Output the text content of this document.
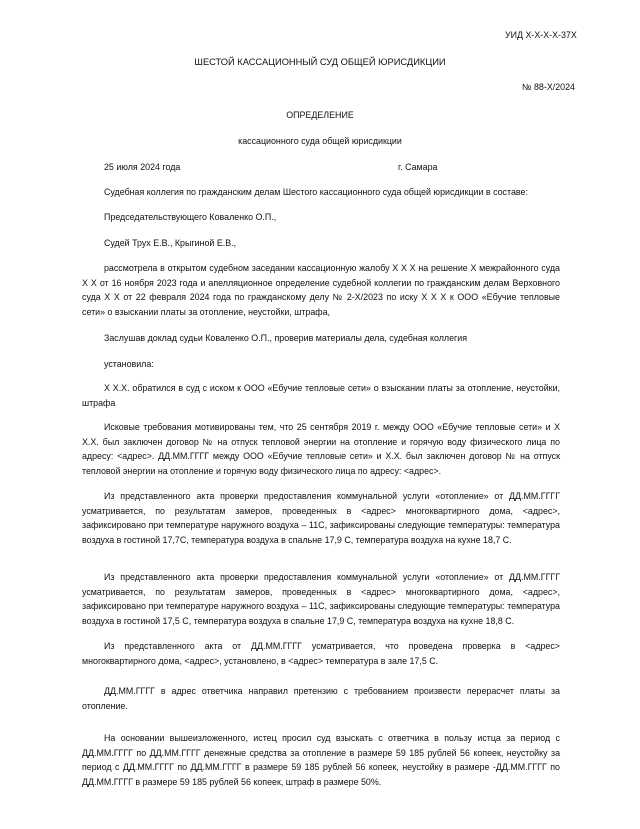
УИД Х-Х-Х-Х-37Х
ШЕСТОЙ КАССАЦИОННЫЙ СУД ОБЩЕЙ ЮРИСДИКЦИИ
№ 88-Х/2024
ОПРЕДЕЛЕНИЕ
кассационного суда общей юрисдикции
25 июля 2024 года	г. Самара
Судебная коллегия по гражданским делам Шестого кассационного суда общей юрисдикции в составе:
Председательствующего Коваленко О.П.,
Судей Трух Е.В., Крыгиной Е.В.,
рассмотрела в открытом судебном заседании кассационную жалобу Х Х Х на решение Х межрайонного суда Х Х от 16 ноября 2023 года и апелляционное определение судебной коллегии по гражданским делам Верховного суда Х Х от 22 февраля 2024 года по гражданскому делу № 2-Х/2023 по иску Х Х Х к ООО «Ебучие тепловые сети» о взыскании платы за отопление, неустойки, штрафа,
Заслушав доклад судьи Коваленко О.П., проверив материалы дела, судебная коллегия
установила:
Х Х.Х. обратился в суд с иском к ООО «Ебучие тепловые сети» о взыскании платы за отопление, неустойки, штрафа
Исковые требования мотивированы тем, что 25 сентября 2019 г. между ООО «Ебучие тепловые сети» и Х Х.Х. был заключен договор № на отпуск тепловой энергии на отопление и горячую воду физического лица по адресу: <адрес>. ДД.ММ.ГГГГ между ООО «Ебучие тепловые сети» и Х.Х. был заключен договор № на отпуск тепловой энергии на отопление и горячую воду физического лица по адресу: <адрес>.
Из представленного акта проверки предоставления коммунальной услуги «отопление» от ДД.ММ.ГГГГ усматривается, по результатам замеров, проведенных в <адрес> многоквартирного дома, <адрес>, зафиксировано при температуре наружного воздуха – 11С, зафиксированы следующие температуры: температура воздуха в гостиной 17,7С, температура воздуха в спальне 17,9 С, температура воздуха на кухне 18,7 С.
Из представленного акта проверки предоставления коммунальной услуги «отопление» от ДД.ММ.ГГГГ усматривается, по результатам замеров, проведенных в <адрес> многоквартирного дома, <адрес>, зафиксировано при температуре наружного воздуха – 11С, зафиксированы следующие температуры: температура воздуха в гостиной 17,5 С, температура воздуха в спальне 17,9 С, температура воздуха на кухне 18,8 С.
Из представленного акта от ДД.ММ.ГГГГ усматривается, что проведена проверка в <адрес> многоквартирного дома, <адрес>, установлено, в <адрес> температура в зале 17,5 С.
ДД.ММ.ГГГГ в адрес ответчика направил претензию с требованием произвести перерасчет платы за отопление.
На основании вышеизложенного, истец просил суд взыскать с ответчика в пользу истца за период с ДД.ММ.ГГГГ по ДД.ММ.ГГГГ денежные средства за отопление в размере 59 185 рублей 56 копеек, неустойку за период с ДД.ММ.ГГГГ по ДД.ММ.ГГГГ в размере 59 185 рублей 56 копеек, неустойку в размере -ДД.ММ.ГГГГ по ДД.ММ.ГГГГ в размере 59 185 рублей 56 копеек, штраф в размере 50%.
